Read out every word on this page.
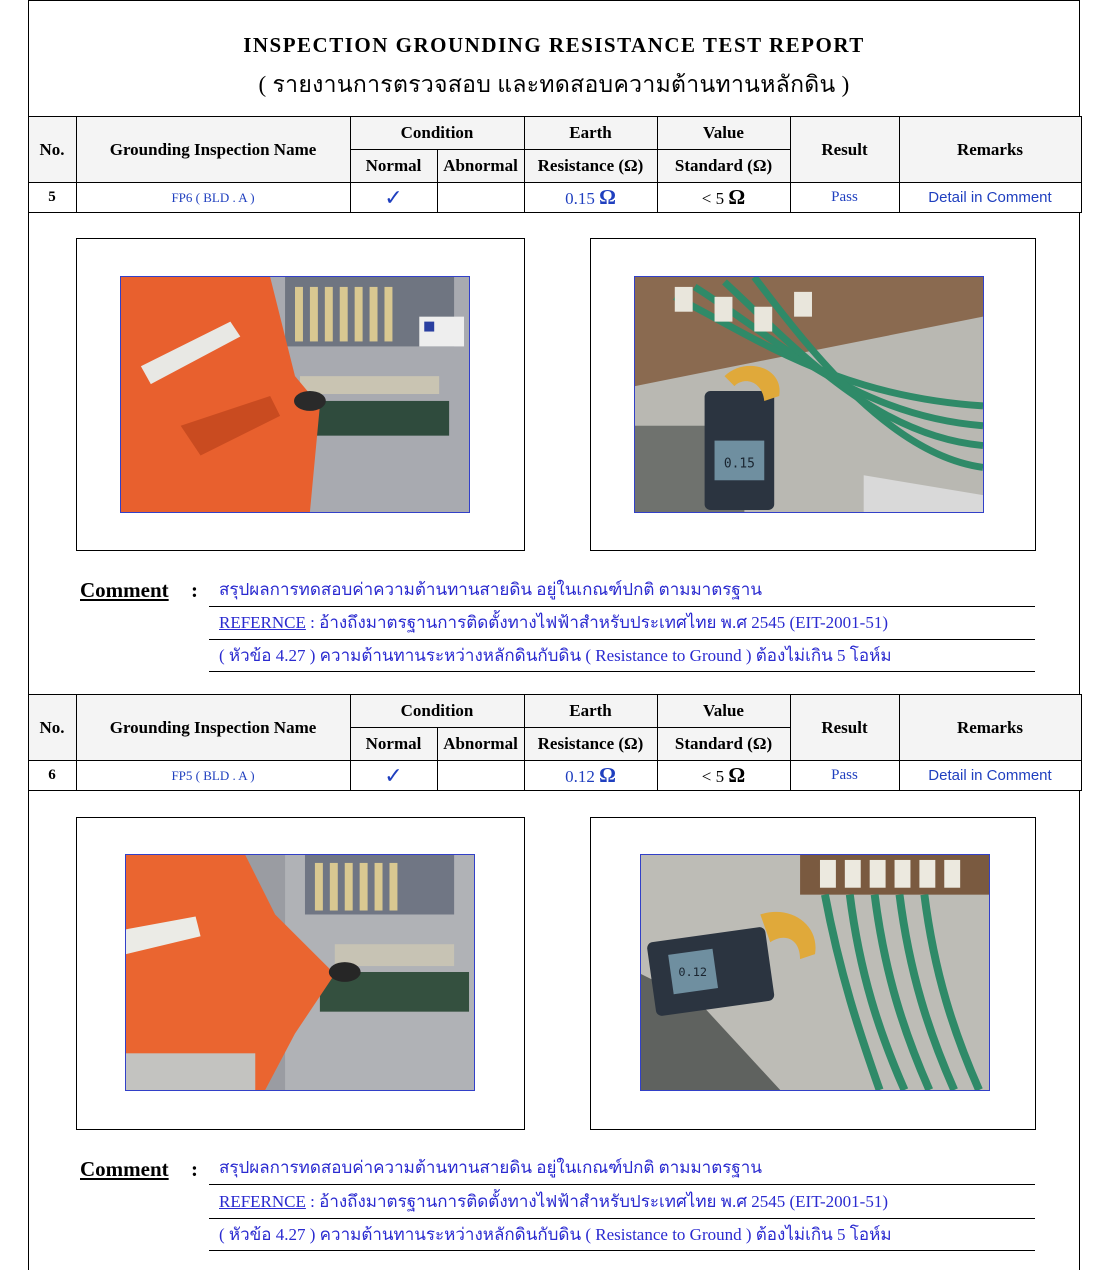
INSPECTION GROUNDING RESISTANCE TEST REPORT
( รายงานการตรวจสอบ และทดสอบความต้านทานหลักดิน )
No.	Grounding Inspection Name	Condition		Earth	Value	Result	Remarks
		Normal	Abnormal	Resistance (Ω)	Standard (Ω)		
5	FP6 ( BLD . A )	✓		0.15 Ω	< 5 Ω	Pass	Detail in Comment
0.15
Comment :	สรุปผลการทดสอบค่าความต้านทานสายดิน อยู่ในเกณฑ์ปกติ ตามมาตรฐาน
REFERNCE : อ้างถึงมาตรฐานการติดตั้งทางไฟฟ้าสำหรับประเทศไทย พ.ศ 2545 (EIT-2001-51)
( หัวข้อ 4.27 ) ความต้านทานระหว่างหลักดินกับดิน ( Resistance to Ground ) ต้องไม่เกิน 5 โอห์ม
No.	Grounding Inspection Name	Condition		Earth	Value	Result	Remarks
		Normal	Abnormal	Resistance (Ω)	Standard (Ω)		
6	FP5 ( BLD . A )	✓		0.12 Ω	< 5 Ω	Pass	Detail in Comment
0.12
Comment :	สรุปผลการทดสอบค่าความต้านทานสายดิน อยู่ในเกณฑ์ปกติ ตามมาตรฐาน
REFERNCE : อ้างถึงมาตรฐานการติดตั้งทางไฟฟ้าสำหรับประเทศไทย พ.ศ 2545 (EIT-2001-51)
( หัวข้อ 4.27 ) ความต้านทานระหว่างหลักดินกับดิน ( Resistance to Ground ) ต้องไม่เกิน 5 โอห์ม
